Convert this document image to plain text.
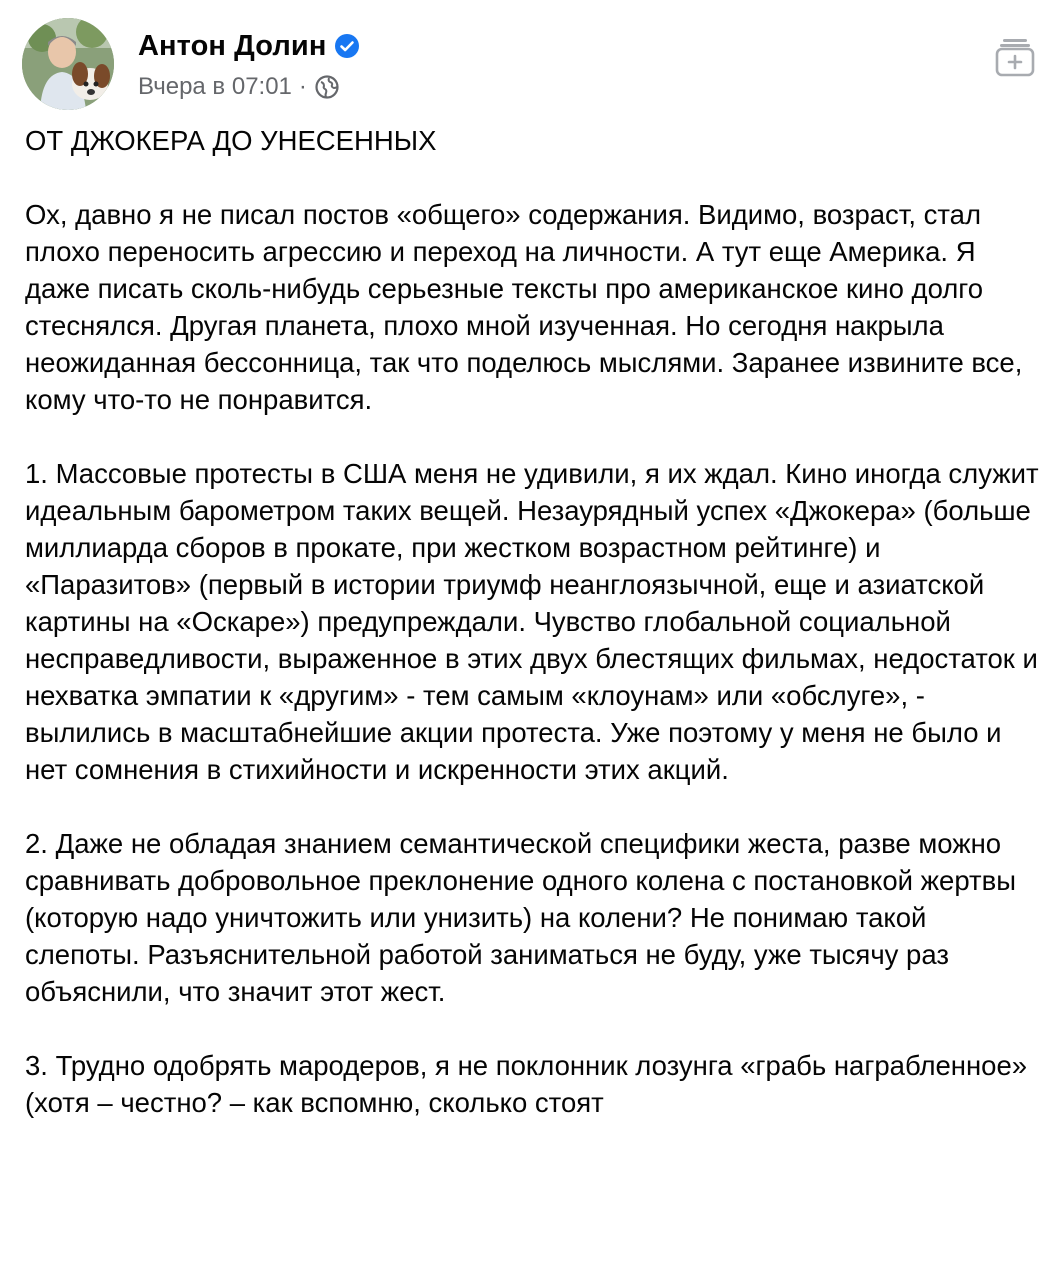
Антон Долин
Вчера в 07:01 ·

ОТ ДЖОКЕРА ДО УНЕСЕННЫХ

Ох, давно я не писал постов «общего» содержания. Видимо, возраст, стал плохо переносить агрессию и переход на личности. А тут еще Америка. Я даже писать сколь-нибудь серьезные тексты про американское кино долго стеснялся. Другая планета, плохо мной изученная. Но сегодня накрыла неожиданная бессонница, так что поделюсь мыслями. Заранее извините все, кому что-то не понравится.

1. Массовые протесты в США меня не удивили, я их ждал. Кино иногда служит идеальным барометром таких вещей. Незаурядный успех «Джокера» (больше миллиарда сборов в прокате, при жестком возрастном рейтинге) и «Паразитов» (первый в истории триумф неанглоязычной, еще и азиатской картины на «Оскаре») предупреждали. Чувство глобальной социальной несправедливости, выраженное в этих двух блестящих фильмах, недостаток и нехватка эмпатии к «другим» - тем самым «клоунам» или «обслуге», - вылились в масштабнейшие акции протеста. Уже поэтому у меня не было и нет сомнения в стихийности и искренности этих акций.

2. Даже не обладая знанием семантической специфики жеста, разве можно сравнивать добровольное преклонение одного колена с постановкой жертвы (которую надо уничтожить или унизить) на колени? Не понимаю такой слепоты. Разъяснительной работой заниматься не буду, уже тысячу раз объяснили, что значит этот жест.

3. Трудно одобрять мародеров, я не поклонник лозунга «грабь награбленное» (хотя – честно? – как вспомню, сколько стоят
